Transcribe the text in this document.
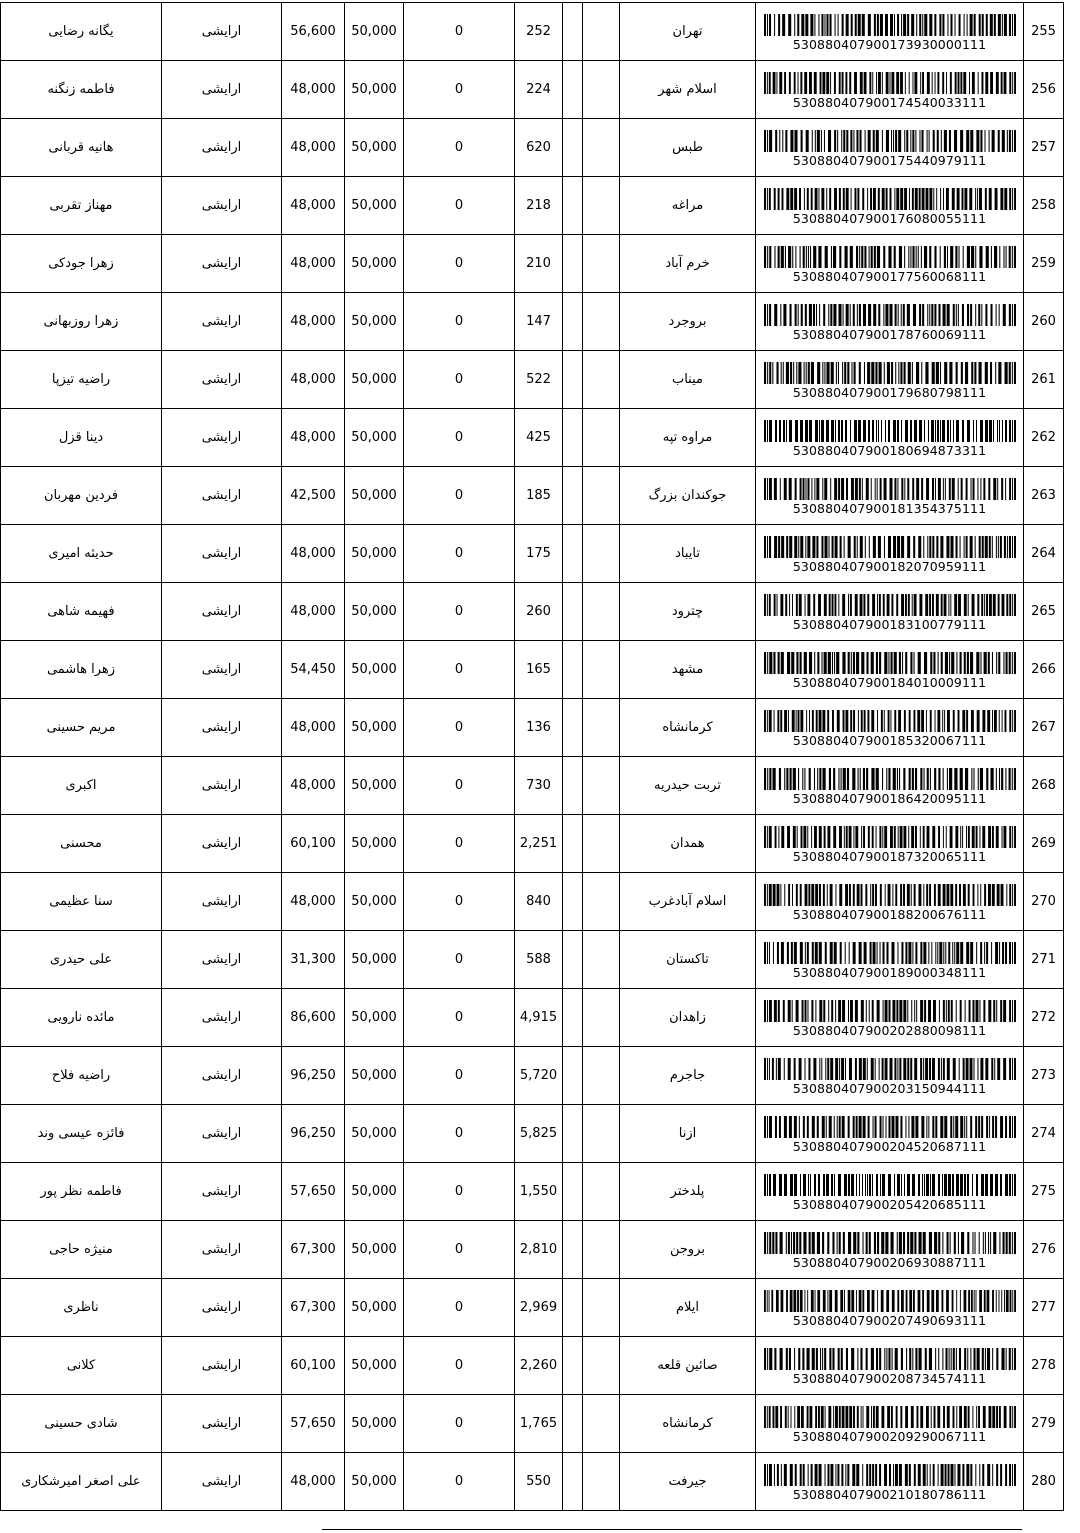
یگانه رضایی	ارایشی	56,600	50,000	0	252			تهران	530880407900173930000111	255
فاطمه زنگنه	ارایشی	48,000	50,000	0	224			اسلام شهر	530880407900174540033111	256
هانیه قربانی	ارایشی	48,000	50,000	0	620			طبس	530880407900175440979111	257
مهناز تقربی	ارایشی	48,000	50,000	0	218			مراغه	530880407900176080055111	258
زهرا جودکی	ارایشی	48,000	50,000	0	210			خرم آباد	530880407900177560068111	259
زهرا روزبهانی	ارایشی	48,000	50,000	0	147			بروجرد	530880407900178760069111	260
راضیه تیزپا	ارایشی	48,000	50,000	0	522			میناب	530880407900179680798111	261
دینا قزل	ارایشی	48,000	50,000	0	425			مراوه تپه	530880407900180694873311	262
فردین مهربان	ارایشی	42,500	50,000	0	185			جوکندان بزرگ	530880407900181354375111	263
حدیثه امیری	ارایشی	48,000	50,000	0	175			تایباد	530880407900182070959111	264
فهیمه شاهی	ارایشی	48,000	50,000	0	260			چترود	530880407900183100779111	265
زهرا هاشمی	ارایشی	54,450	50,000	0	165			مشهد	530880407900184010009111	266
مریم حسینی	ارایشی	48,000	50,000	0	136			کرمانشاه	530880407900185320067111	267
اکبری	ارایشی	48,000	50,000	0	730			تربت حیدریه	530880407900186420095111	268
محسنی	ارایشی	60,100	50,000	0	2,251			همدان	530880407900187320065111	269
سنا عظیمی	ارایشی	48,000	50,000	0	840			اسلام آبادغرب	530880407900188200676111	270
علی حیدری	ارایشی	31,300	50,000	0	588			تاکستان	530880407900189000348111	271
مائده نارویی	ارایشی	86,600	50,000	0	4,915			زاهدان	530880407900202880098111	272
راضیه فلاح	ارایشی	96,250	50,000	0	5,720			جاجرم	530880407900203150944111	273
فائزه عیسی وند	ارایشی	96,250	50,000	0	5,825			ازنا	530880407900204520687111	274
فاطمه نظر پور	ارایشی	57,650	50,000	0	1,550			پلدختر	530880407900205420685111	275
منیژه حاجی	ارایشی	67,300	50,000	0	2,810			بروجن	530880407900206930887111	276
ناظری	ارایشی	67,300	50,000	0	2,969			ایلام	530880407900207490693111	277
کلانی	ارایشی	60,100	50,000	0	2,260			صائین قلعه	530880407900208734574111	278
شادی حسینی	ارایشی	57,650	50,000	0	1,765			کرمانشاه	530880407900209290067111	279
علی اصغر امیرشکاری	ارایشی	48,000	50,000	0	550			جیرفت	530880407900210180786111	280
